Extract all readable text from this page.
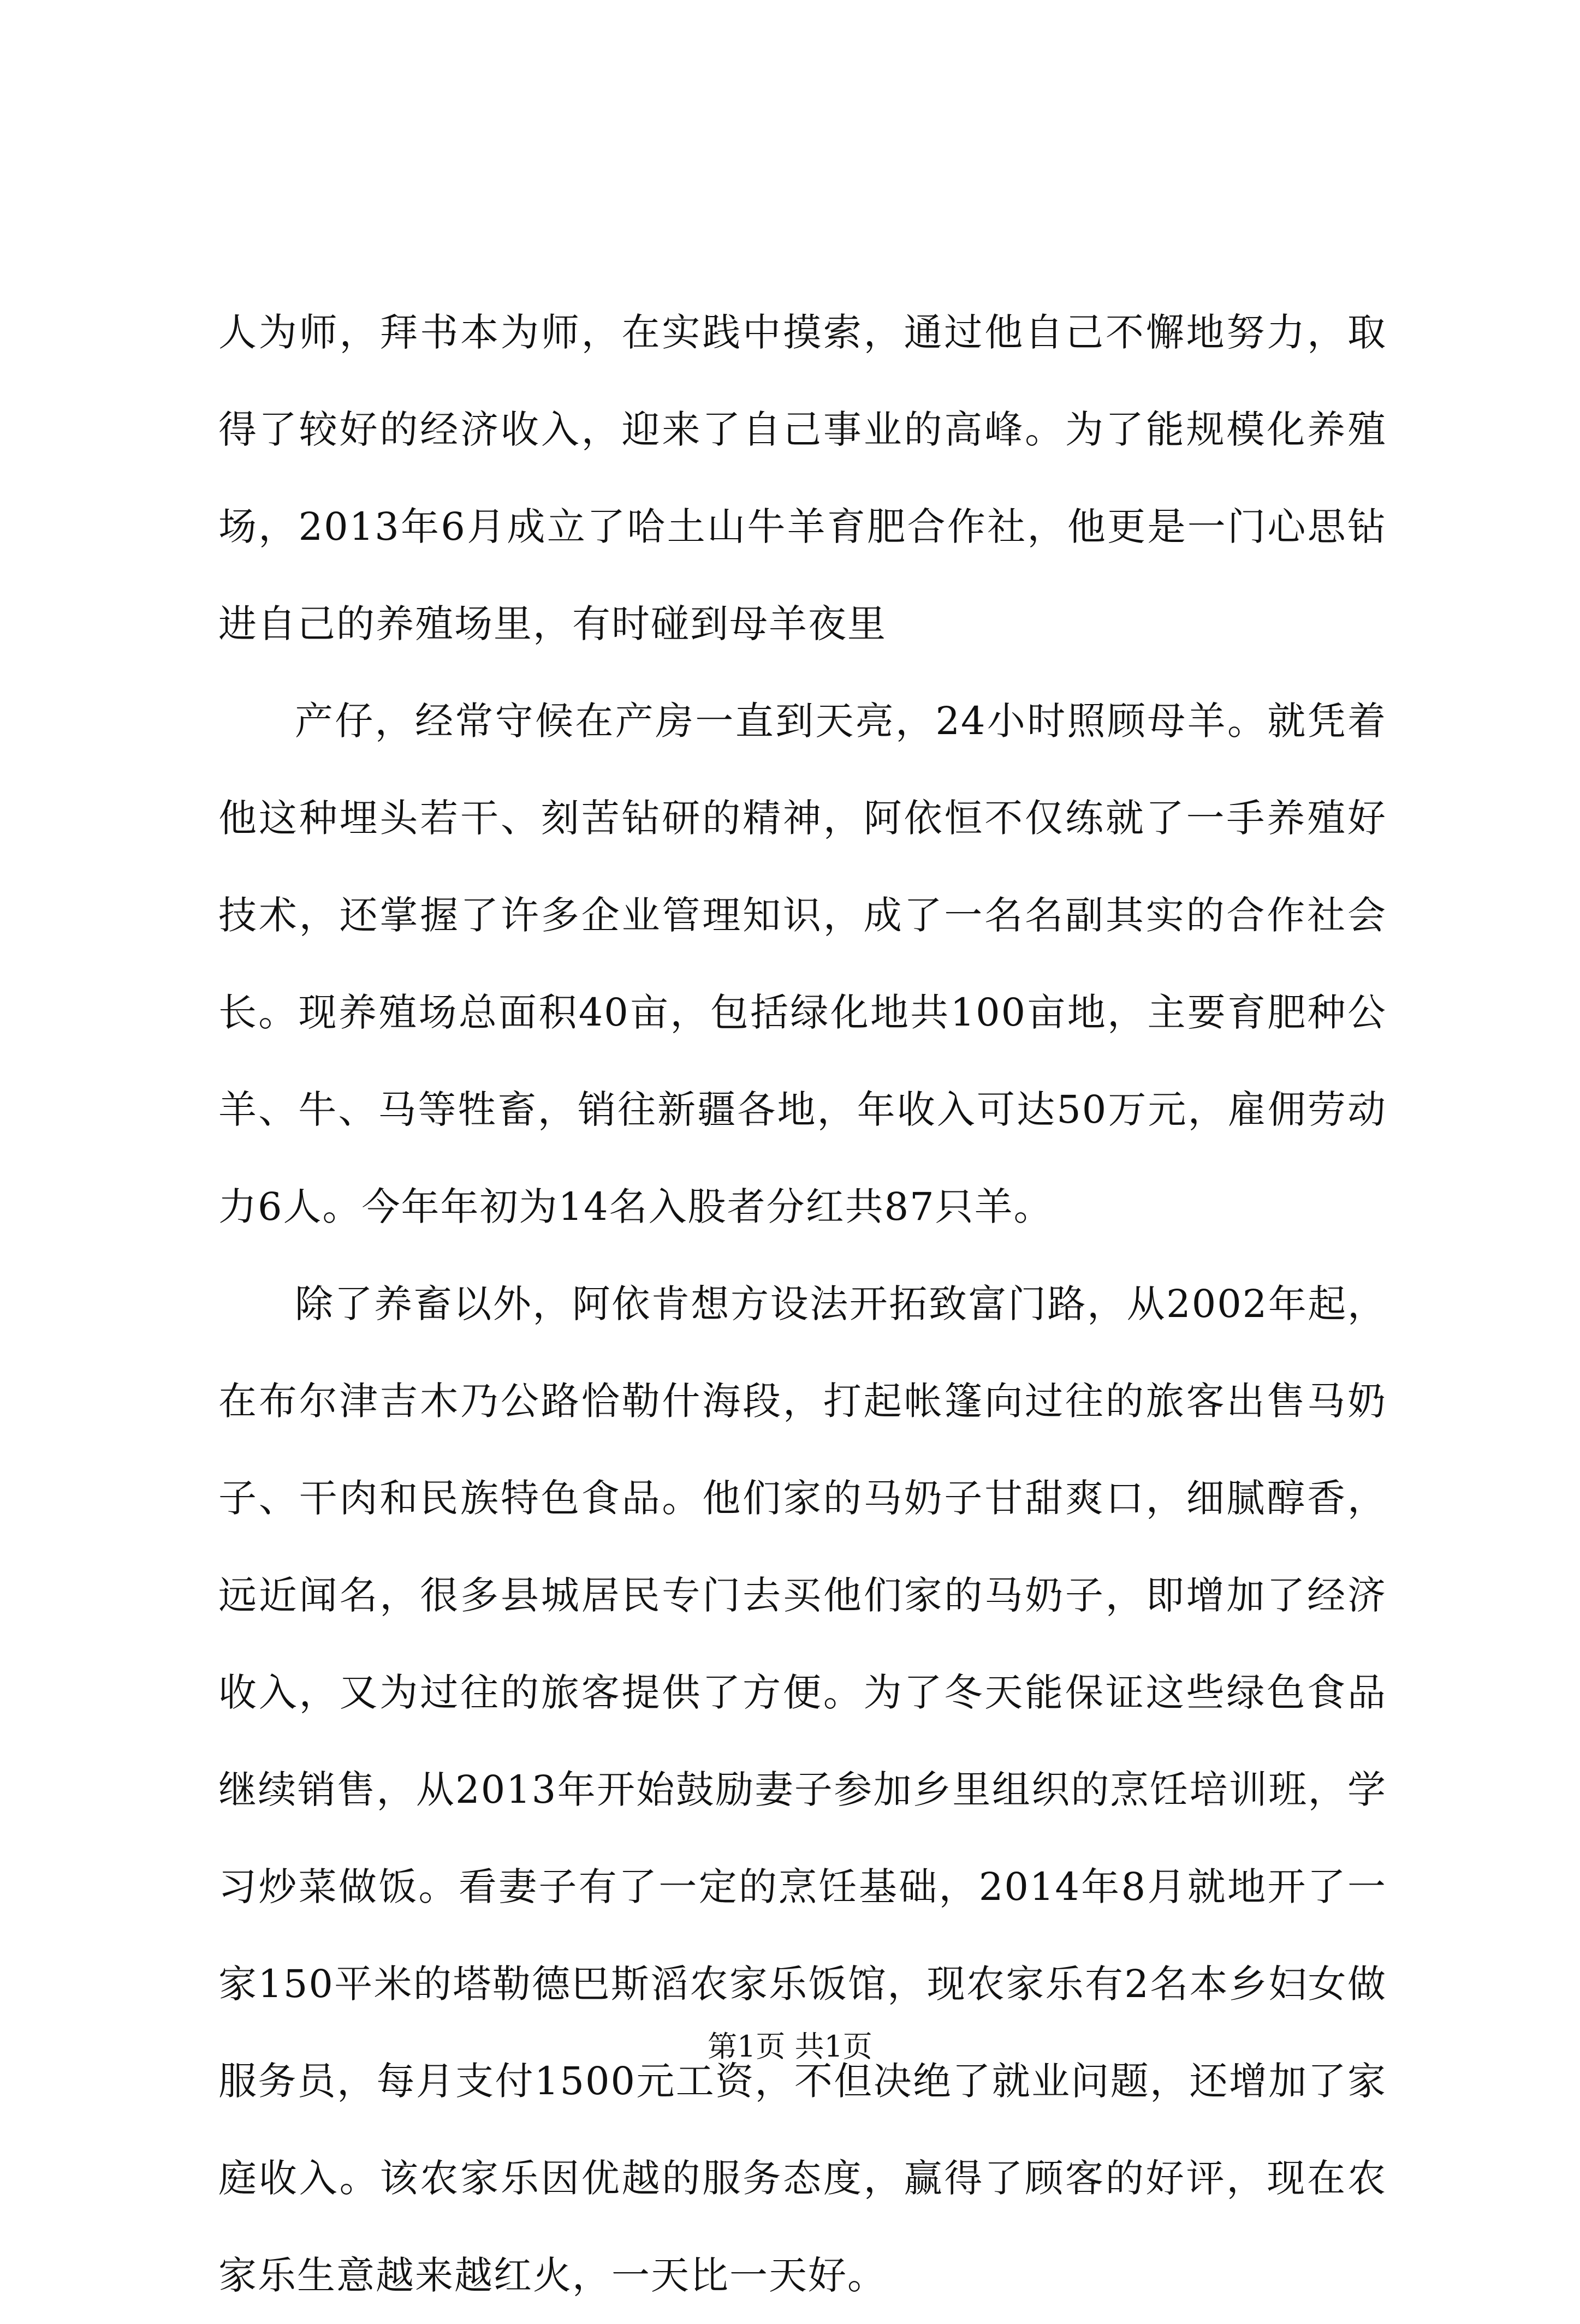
人为师，拜书本为师，在实践中摸索，通过他自己不懈地努力，取得了较好的经济收入，迎来了自己事业的高峰。为了能规模化养殖场，2013年6月成立了哈土山牛羊育肥合作社，他更是一门心思钻进自己的养殖场里，有时碰到母羊夜里

产仔，经常守候在产房一直到天亮，24小时照顾母羊。就凭着他这种埋头若干、刻苦钻研的精神，阿依恒不仅练就了一手养殖好技术，还掌握了许多企业管理知识，成了一名名副其实的合作社会长。现养殖场总面积40亩，包括绿化地共100亩地，主要育肥种公羊、牛、马等牲畜，销往新疆各地，年收入可达50万元，雇佣劳动力6人。今年年初为14名入股者分红共87只羊。

除了养畜以外，阿依肯想方设法开拓致富门路，从2002年起，在布尔津吉木乃公路恰勒什海段，打起帐篷向过往的旅客出售马奶子、干肉和民族特色食品。他们家的马奶子甘甜爽口，细腻醇香，远近闻名，很多县城居民专门去买他们家的马奶子，即增加了经济收入，又为过往的旅客提供了方便。为了冬天能保证这些绿色食品继续销售，从2013年开始鼓励妻子参加乡里组织的烹饪培训班，学习炒菜做饭。看妻子有了一定的烹饪基础，2014年8月就地开了一家150平米的塔勒德巴斯滔农家乐饭馆，现农家乐有2名本乡妇女做服务员，每月支付1500元工资，不但决绝了就业问题，还增加了家庭收入。该农家乐因优越的服务态度，赢得了顾客的好评，现在农家乐生意越来越红火，一天比一天好。

第1页 共1页
